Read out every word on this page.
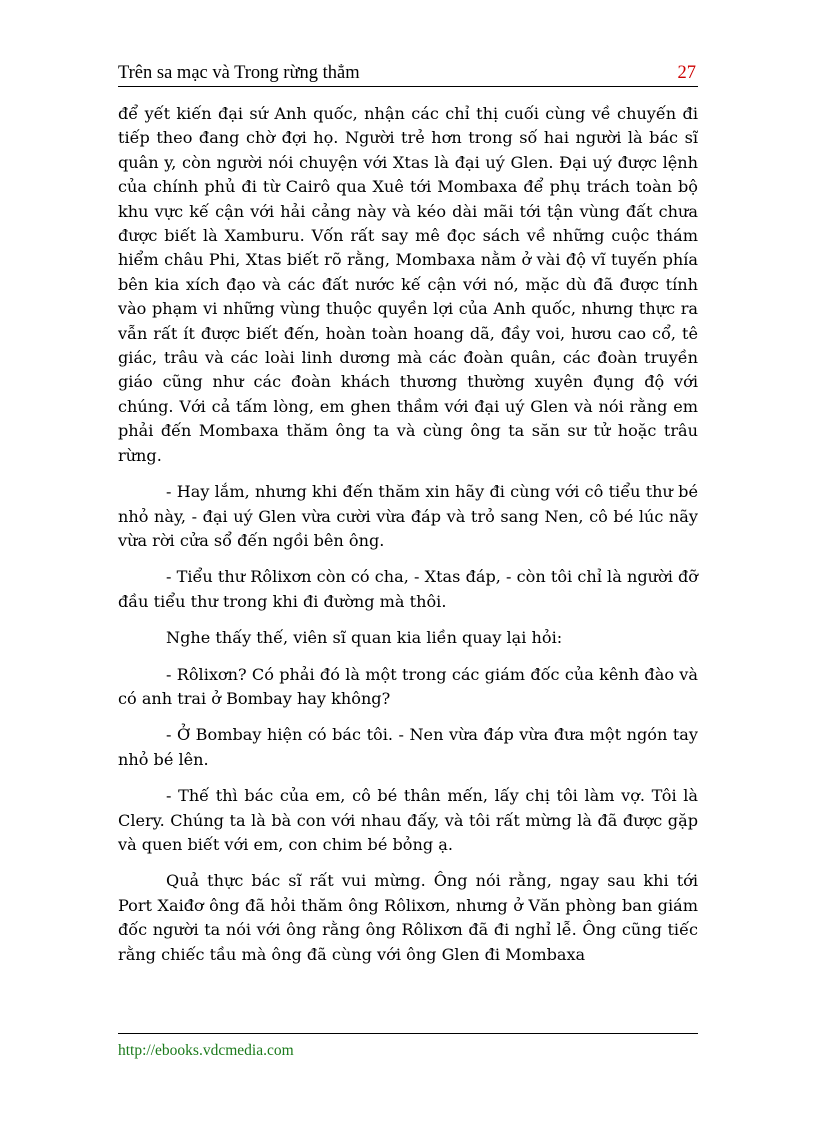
Trên sa mạc và Trong rừng thẳm	27

để yết kiến đại sứ Anh quốc, nhận các chỉ thị cuối cùng về chuyến đi tiếp theo đang chờ đợi họ. Người trẻ hơn trong số hai người là bác sĩ quân y, còn người nói chuyện với Xtas là đại uý Glen. Đại uý được lệnh của chính phủ đi từ Cairô qua Xuê tới Mombaxa để phụ trách toàn bộ khu vực kế cận với hải cảng này và kéo dài mãi tới tận vùng đất chưa được biết là Xamburu. Vốn rất say mê đọc sách về những cuộc thám hiểm châu Phi, Xtas biết rõ rằng, Mombaxa nằm ở vài độ vĩ tuyến phía bên kia xích đạo và các đất nước kế cận với nó, mặc dù đã được tính vào phạm vi những vùng thuộc quyền lợi của Anh quốc, nhưng thực ra vẫn rất ít được biết đến, hoàn toàn hoang dã, đầy voi, hươu cao cổ, tê giác, trâu và các loài linh dương mà các đoàn quân, các đoàn truyền giáo cũng như các đoàn khách thương thường xuyên đụng độ với chúng. Với cả tấm lòng, em ghen thầm với đại uý Glen và nói rằng em phải đến Mombaxa thăm ông ta và cùng ông ta săn sư tử hoặc trâu rừng.

- Hay lắm, nhưng khi đến thăm xin hãy đi cùng với cô tiểu thư bé nhỏ này, - đại uý Glen vừa cười vừa đáp và trỏ sang Nen, cô bé lúc nãy vừa rời cửa sổ đến ngồi bên ông.

- Tiểu thư Rôlixơn còn có cha, - Xtas đáp, - còn tôi chỉ là người đỡ đầu tiểu thư trong khi đi đường mà thôi.

Nghe thấy thế, viên sĩ quan kia liền quay lại hỏi:

- Rôlixơn? Có phải đó là một trong các giám đốc của kênh đào và có anh trai ở Bombay hay không?

- Ở Bombay hiện có bác tôi. - Nen vừa đáp vừa đưa một ngón tay nhỏ bé lên.

- Thế thì bác của em, cô bé thân mến, lấy chị tôi làm vợ. Tôi là Clery. Chúng ta là bà con với nhau đấy, và tôi rất mừng là đã được gặp và quen biết với em, con chim bé bỏng ạ.

Quả thực bác sĩ rất vui mừng. Ông nói rằng, ngay sau khi tới Port Xaiđơ ông đã hỏi thăm ông Rôlixơn, nhưng ở Văn phòng ban giám đốc người ta nói với ông rằng ông Rôlixơn đã đi nghỉ lễ. Ông cũng tiếc rằng chiếc tầu mà ông đã cùng với ông Glen đi Mombaxa

http://ebooks.vdcmedia.com
